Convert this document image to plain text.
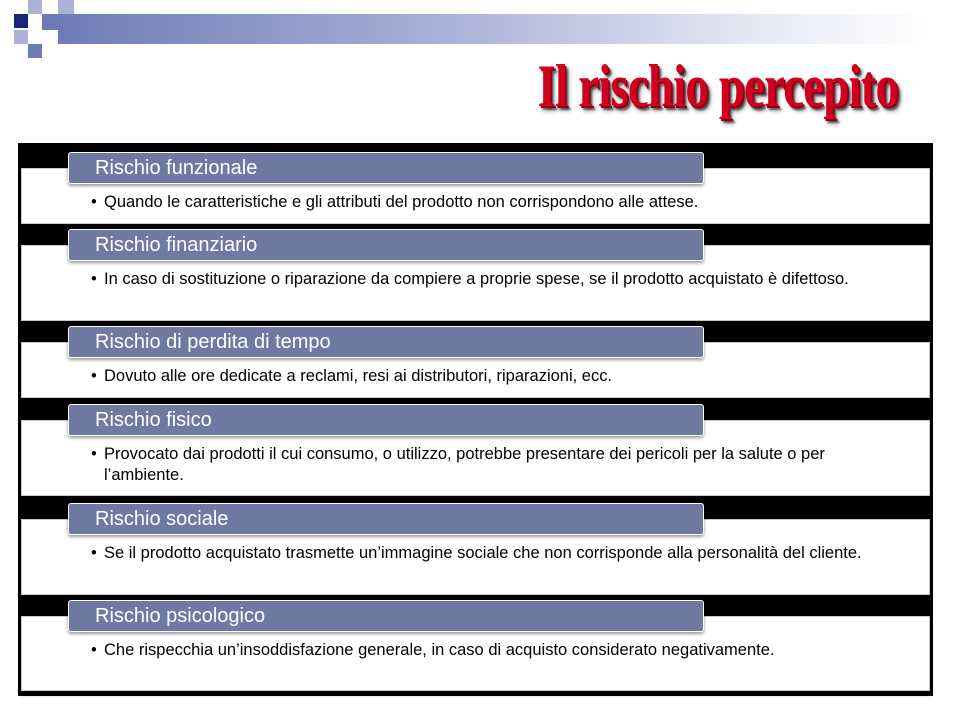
Il rischio percepito
Rischio funzionale
• Quando le caratteristiche e gli attributi del prodotto non corrispondono alle attese.
Rischio finanziario
• In caso di sostituzione o riparazione da compiere a proprie spese, se il prodotto acquistato è difettoso.
Rischio di perdita di tempo
• Dovuto alle ore dedicate a reclami, resi ai distributori, riparazioni, ecc.
Rischio fisico
• Provocato dai prodotti il cui consumo, o utilizzo, potrebbe presentare dei pericoli per la salute o per l’ambiente.
Rischio sociale
• Se il prodotto acquistato trasmette un’immagine sociale che non corrisponde alla personalità del cliente.
Rischio psicologico
• Che rispecchia un’insoddisfazione generale, in caso di acquisto considerato negativamente.
